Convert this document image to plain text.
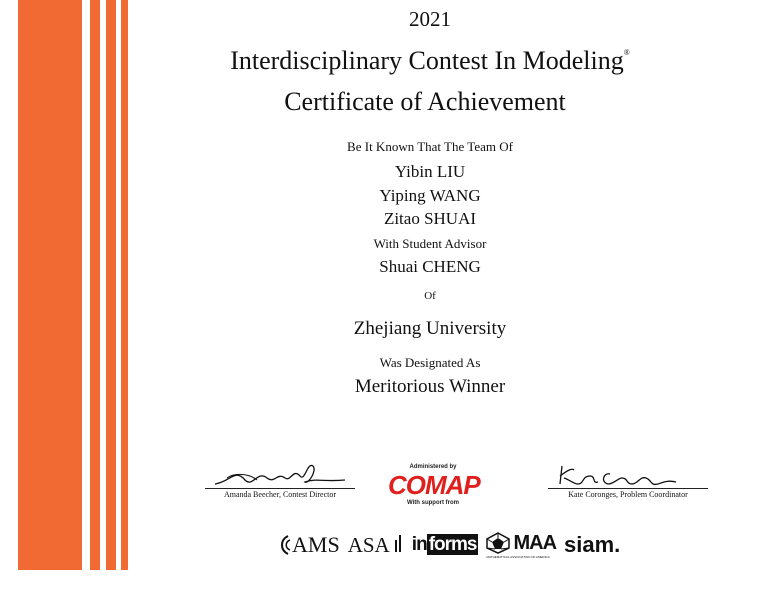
2021
Interdisciplinary Contest In Modeling®
Certificate of Achievement
Be It Known That The Team Of
Yibin LIU
Yiping WANG
Zitao SHUAI
With Student Advisor
Shuai CHENG
Of
Zhejiang University
Was Designated As
Meritorious Winner
Amanda Beecher, Contest Director
Administered by
COMAP
With support from
Kate Coronges, Problem Coordinator
AMS ASA	in forms MAA
MATHEMATICAL ASSOCIATION OF AMERICA siam.
